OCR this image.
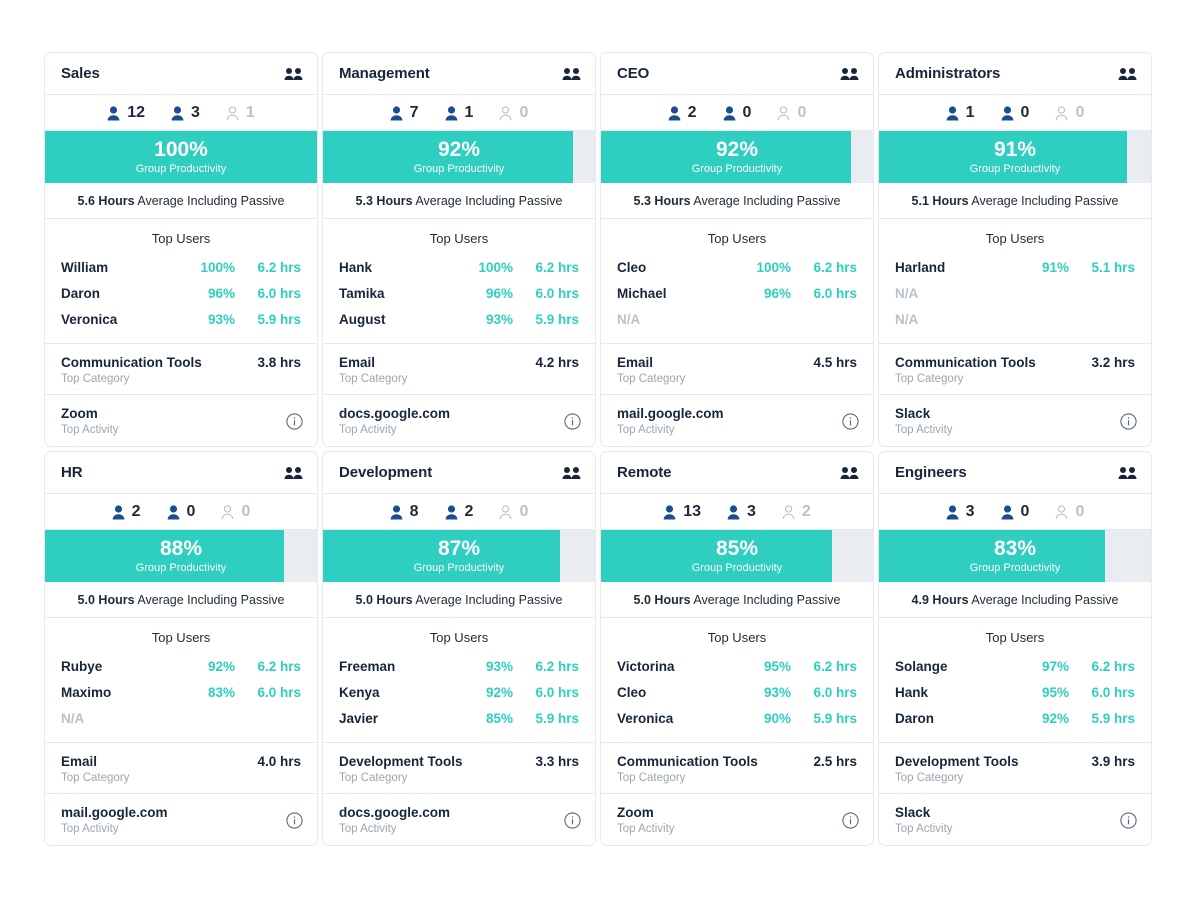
Sales
12	3	1
100%
Group Productivity
5.6 Hours Average Including Passive
Top Users
William	100%	6.2 hrs
Daron	96%	6.0 hrs
Veronica	93%	5.9 hrs
Communication Tools	3.8 hrs
Top Category
Zoom
Top Activity
Management
7	1	0
92%
Group Productivity
5.3 Hours Average Including Passive
Top Users
Hank	100%	6.2 hrs
Tamika	96%	6.0 hrs
August	93%	5.9 hrs
Email	4.2 hrs
Top Category
docs.google.com
Top Activity
CEO
2	0	0
92%
Group Productivity
5.3 Hours Average Including Passive
Top Users
Cleo	100%	6.2 hrs
Michael	96%	6.0 hrs
N/A
Email	4.5 hrs
Top Category
mail.google.com
Top Activity
Administrators
1	0	0
91%
Group Productivity
5.1 Hours Average Including Passive
Top Users
Harland	91%	5.1 hrs
N/A
N/A
Communication Tools	3.2 hrs
Top Category
Slack
Top Activity
HR
2	0	0
88%
Group Productivity
5.0 Hours Average Including Passive
Top Users
Rubye	92%	6.2 hrs
Maximo	83%	6.0 hrs
N/A
Email	4.0 hrs
Top Category
mail.google.com
Top Activity
Development
8	2	0
87%
Group Productivity
5.0 Hours Average Including Passive
Top Users
Freeman	93%	6.2 hrs
Kenya	92%	6.0 hrs
Javier	85%	5.9 hrs
Development Tools	3.3 hrs
Top Category
docs.google.com
Top Activity
Remote
13	3	2
85%
Group Productivity
5.0 Hours Average Including Passive
Top Users
Victorina	95%	6.2 hrs
Cleo	93%	6.0 hrs
Veronica	90%	5.9 hrs
Communication Tools	2.5 hrs
Top Category
Zoom
Top Activity
Engineers
3	0	0
83%
Group Productivity
4.9 Hours Average Including Passive
Top Users
Solange	97%	6.2 hrs
Hank	95%	6.0 hrs
Daron	92%	5.9 hrs
Development Tools	3.9 hrs
Top Category
Slack
Top Activity
